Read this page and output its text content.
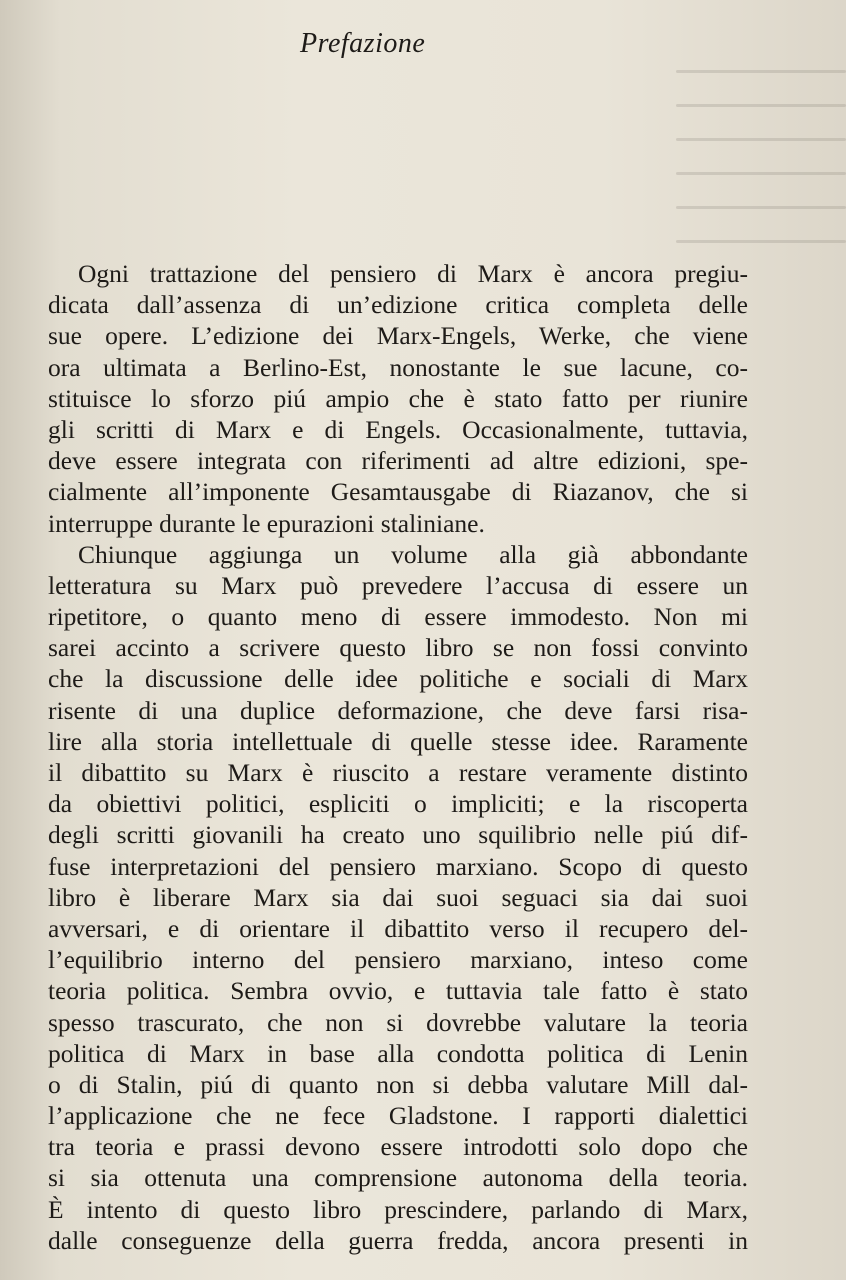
Prefazione
Ogni trattazione del pensiero di Marx è ancora pregiu-
dicata dall’assenza di un’edizione critica completa delle
sue opere. L’edizione dei Marx-Engels, Werke, che viene
ora ultimata a Berlino-Est, nonostante le sue lacune, co-
stituisce lo sforzo piú ampio che è stato fatto per riunire
gli scritti di Marx e di Engels. Occasionalmente, tuttavia,
deve essere integrata con riferimenti ad altre edizioni, spe-
cialmente all’imponente Gesamtausgabe di Riazanov, che si
interruppe durante le epurazioni staliniane.
Chiunque aggiunga un volume alla già abbondante
letteratura su Marx può prevedere l’accusa di essere un
ripetitore, o quanto meno di essere immodesto. Non mi
sarei accinto a scrivere questo libro se non fossi convinto
che la discussione delle idee politiche e sociali di Marx
risente di una duplice deformazione, che deve farsi risa-
lire alla storia intellettuale di quelle stesse idee. Raramente
il dibattito su Marx è riuscito a restare veramente distinto
da obiettivi politici, espliciti o impliciti; e la riscoperta
degli scritti giovanili ha creato uno squilibrio nelle piú dif-
fuse interpretazioni del pensiero marxiano. Scopo di questo
libro è liberare Marx sia dai suoi seguaci sia dai suoi
avversari, e di orientare il dibattito verso il recupero del-
l’equilibrio interno del pensiero marxiano, inteso come
teoria politica. Sembra ovvio, e tuttavia tale fatto è stato
spesso trascurato, che non si dovrebbe valutare la teoria
politica di Marx in base alla condotta politica di Lenin
o di Stalin, piú di quanto non si debba valutare Mill dal-
l’applicazione che ne fece Gladstone. I rapporti dialettici
tra teoria e prassi devono essere introdotti solo dopo che
si sia ottenuta una comprensione autonoma della teoria.
È intento di questo libro prescindere, parlando di Marx,
dalle conseguenze della guerra fredda, ancora presenti in
